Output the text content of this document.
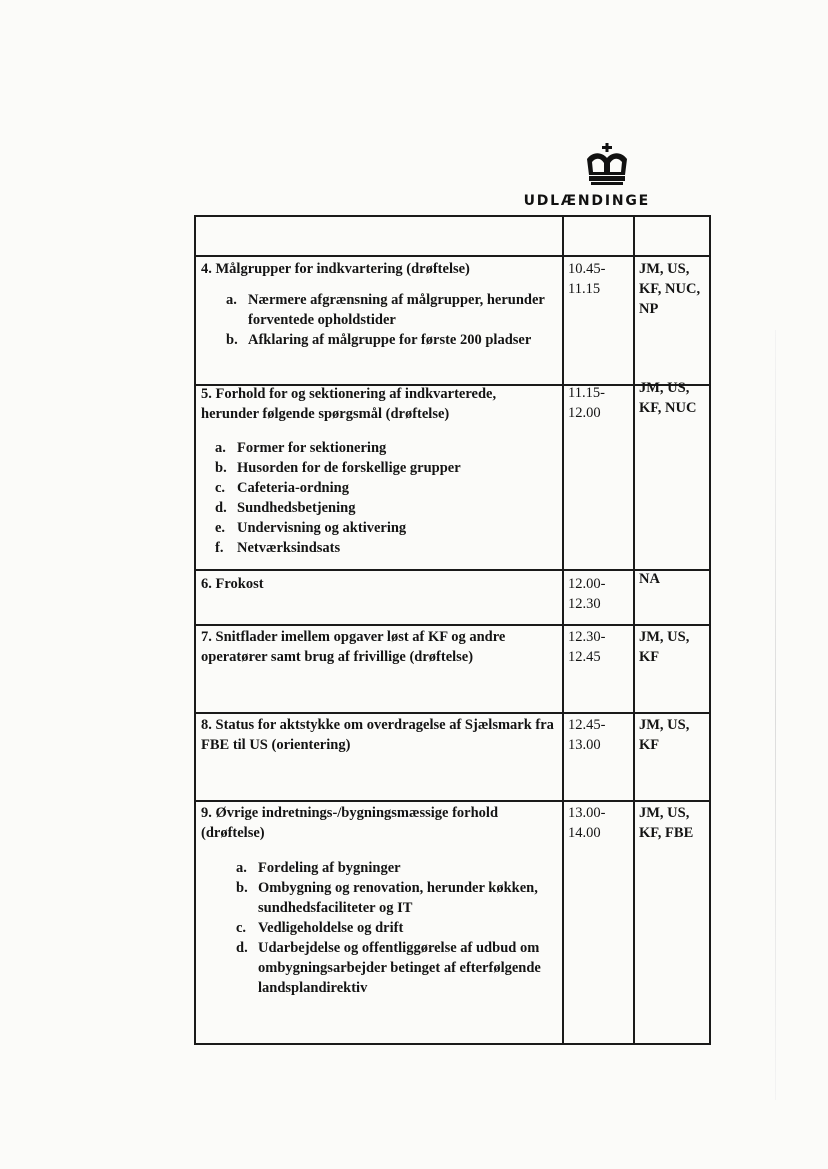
UDLÆNDINGE
4. Målgrupper for indkvartering (drøftelse)
a. Nærmere afgrænsning af målgrupper, herunder
forventede opholdstider
b. Afklaring af målgruppe for første 200 pladser
10.45-
11.15
JM, US,
KF, NUC,
NP
5. Forhold for og sektionering af indkvarterede, herunder følgende spørgsmål (drøftelse)
a. Former for sektionering
b. Husorden for de forskellige grupper
c. Cafeteria-ordning
d. Sundhedsbetjening
e. Undervisning og aktivering
f. Netværksindsats
11.15-
12.00
JM, US,
KF, NUC
6. Frokost	12.00-
12.30
NA
7. Snitflader imellem opgaver løst af KF og andre operatører samt brug af frivillige (drøftelse)
12.30-
12.45
JM, US,
KF
8. Status for aktstykke om overdragelse af Sjælsmark fra FBE til US (orientering)
12.45-
13.00
JM, US,
KF
9. Øvrige indretnings-/bygningsmæssige forhold (drøftelse)
a. Fordeling af bygninger
b. Ombygning og renovation, herunder køkken,
sundhedsfaciliteter og IT
c. Vedligeholdelse og drift
d. Udarbejdelse og offentliggørelse af udbud om
ombygningsarbejder betinget af efterfølgende
landsplandirektiv
13.00-
14.00
JM, US,
KF, FBE
